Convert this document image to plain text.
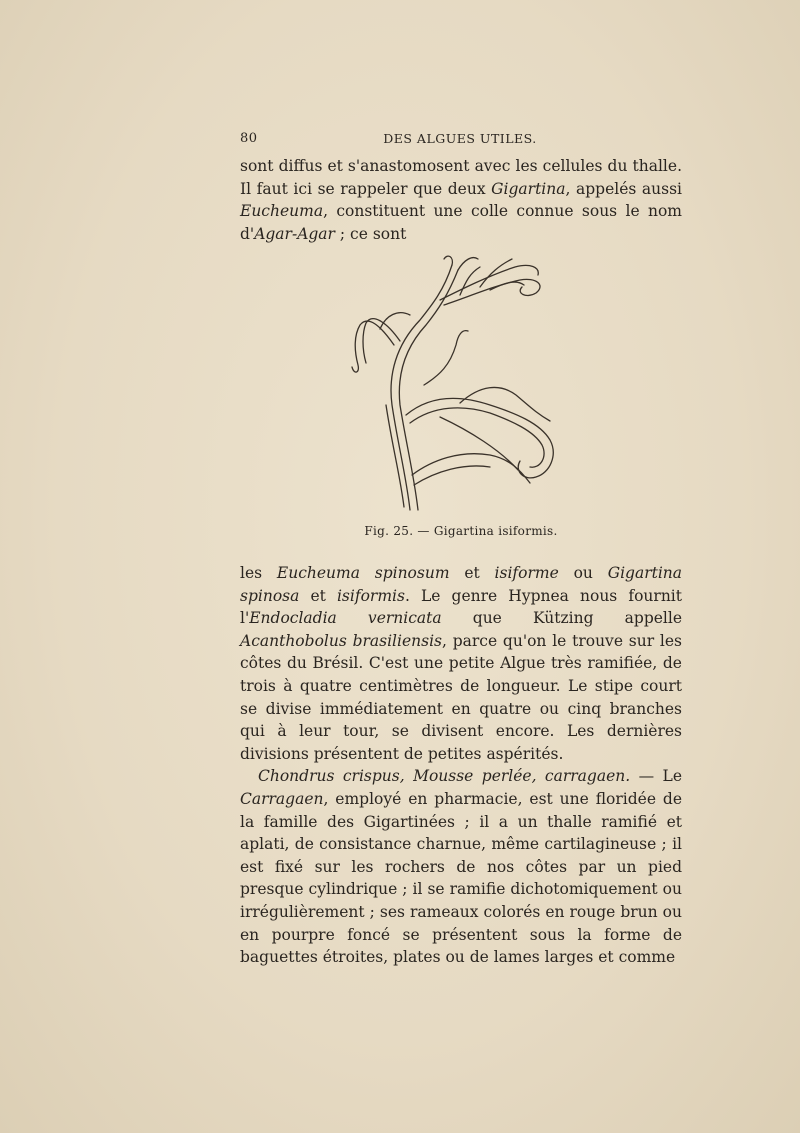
80	DES ALGUES UTILES.

sont diffus et s'anastomosent avec les cellules du thalle. Il faut ici se rappeler que deux Gigartina, appelés aussi Eucheuma, constituent une colle connue sous le nom d'Agar-Agar ; ce sont

Fig. 25. — Gigartina isiformis.

les Eucheuma spinosum et isiforme ou Gigartina spinosa et isiformis. Le genre Hypnea nous fournit l'Endocladia vernicata que Kützing appelle Acanthobolus brasiliensis, parce qu'on le trouve sur les côtes du Brésil. C'est une petite Algue très ramifiée, de trois à quatre centimètres de longueur. Le stipe court se divise immédiatement en quatre ou cinq branches qui à leur tour, se divisent encore. Les dernières divisions présentent de petites aspérités.

Chondrus crispus, Mousse perlée, carragaen. — Le Carragaen, employé en pharmacie, est une floridée de la famille des Gigartinées ; il a un thalle ramifié et aplati, de consistance charnue, même cartilagineuse ; il est fixé sur les rochers de nos côtes par un pied presque cylindrique ; il se ramifie dichotomiquement ou irrégulièrement ; ses rameaux colorés en rouge brun ou en pourpre foncé se présentent sous la forme de baguettes étroites, plates ou de lames larges et comme
